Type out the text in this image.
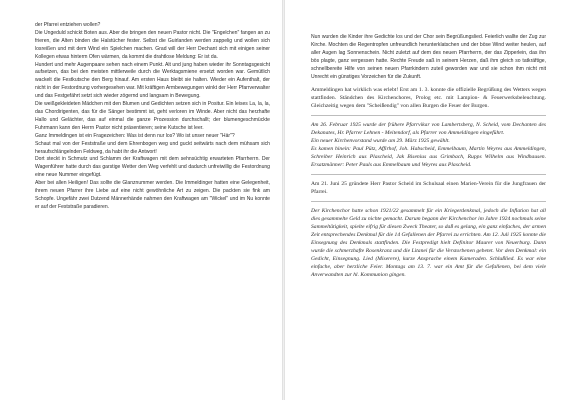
der Pfarrei entziehen wollen?
Die Ungeduld schickt Boten aus. Aber die bringen den neuen Pastor nicht. Die "Engelchen" fangen an zu frieren, die Alten binden die Halstücher fester. Selbst die Guirlanden werden zappelig und wollen sich losreißen und mit dem Wind ein Spielchen machen. Grad will der Herr Dechant sich mit einigen seiner Kollegen etwas hinterm Ofen wärmen, da kommt die drahtlose Meldung: Er ist da.
Hundert und mehr Augenpaare sehen nach einem Punkt. Alt und jung haben wieder ihr Sonntagsgesicht aufsetzen, das bei den meisten mittlerweile durch die Werktagsmiene ersetzt worden war. Gemütlich wackelt die Festkutsche den Berg hinauf. Am ersten Haus bleibt sie halten. Wieder ein Aufenthalt, der nicht in der Festordnung vorhergesehen war. Mit kräftigen Armbewegungen winkt der Herr Pfarrverwalter und das Festgefährt setzt sich wieder zögernd und langsam in Bewegung.
Die weißgekleideten Mädchen mit den Blumen und Gedichten setzen sich in Positur. Ein leises La, la, la, das Chordirigenten, das für die Sänger bestimmt ist, geht verloren im Winde. Aber nicht das herzhafte Hallo und Gelächter, das auf einmal die ganze Prozession durchschallt; der blumengeschmückte Fuhrmann kann den Herrn Pastor nicht präsentieren; seine Kutsche ist leer.
Ganz Immeldingen ist ein Fragezeichen: Was ist denn nur los? Wo ist unser neuer "Här"?
Schaut mal von der Feststraße und dem Ehrenbogen weg und guckt seitwärts nach dem mühsam sich heraufschlängelnden Feldweg, da habt ihr die Antwort!
Dort steckt in Schmutz und Schlamm der Kraftwagen mit dem sehnsüchtig erwarteten Pfarrherrn. Der Wagenführer hatte durch das garstige Wetter den Weg verfehlt und dadurch unfreiwillig die Festordnung eine neue Nummer eingefügt.
Aber bei allen Heiligen! Das sollte die Glanznummer werden. Die Immeldinger hatten eine Gelegenheit, ihrem neuen Pfarrer ihre Liebe auf eine nicht gewöhnliche Art zu zeigen. Die packten sie fink am Schopfe. Ungefähr zwei Dutzend Männerhände nahmen den Kraftwagen am "Wickel" und im Nu konnte er auf der Feststraße paradieren.
Nun wurden die Kinder ihre Gedichte los und der Chor sein Begrüßungslied. Feierlich wallte der Zug zur Kirche. Mochten die Regentropfen unfreundlich herunterklatschen und der böse Wind weiter heulen, auf aller Augen lag Sonnenschein. Nicht zuletzt auf dem des neuen Pfarrherrn, der das Zipperlein, das ihn bös plagte, ganz vergessen hatte. Rechte Freude saß in seinem Herzen, daß ihm gleich so tatkräftige, schnellbereite Hilfe von seinen neuen Pfarrkindern zuteil geworden war und sie schon ihm nicht mit Unrecht ein günstiges Vorzeichen für die Zukunft.
Ammeldingen hat wirklich was erlebt! Erst am 1. 3. konnte die offizielle Begrüßung des Wetters wegen stattfinden. Ständchen des Kirchenchores, Prolog etc. mit Lampion- & Feuerwerksbeleuchtung. Gleichzeitig wegen dem "Scheißendig" von allen Burgen die Feuer der Burgen.
Am 26. Februar 1925 wurde der frühere Pfarrvikar von Lambertsberg, N. Scheid, vom Dechanten des Dekanates, Hr. Pfarrer Lehnen - Meitendorf, als Pfarrer von Ammeldingen eingeführt.
Ein neuer Kirchenvorstand wurde am 29. März 1925 gewählt.
Es kamen hinein: Paul Pütz, Affirhof, Joh. Habscheid, Emmelbaum, Martin Weyres aus Ammeldingen, Schreiber Heinrich aus Plascheid, Jak Bisenius aus Grimbach, Rupps Wilhelm aus Windhausen. Ersatzmänner: Peter Pauls aus Emmelbaum und Weyres aus Plascheid.
Am 21. Juni 25 gründete Herr Pastor Scheid im Schulsaal einen Marien-Verein für die Jungfrauen der Pfarrei.
Der Kirchenchor hatte schon 1921/22 gesammelt für ein Kriegerdenkmal, jedoch die Inflation hat all dies gesammelte Geld zu nichte gemacht. Darum begann der Kirchenchor im Jahre 1924 nochmals seine Sammeltätigkeit, spielte eifrig für diesen Zweck Theater, so daß es gelang, ein ganz einfaches, der armen Zeit entsprechendes Denkmal für die 14 Gefallenen der Pfarrei zu errichten. Am 12. Juli 1925 konnte die Einsegnung des Denkmals stattfinden. Die Festpredigt hielt Definitor Maurer von Neuerburg. Dann wurde die schmerzhafte Rosenkranz und die Litanei für die Verstorbenen gebetet. Vor dem Denkmal: ein Gedicht, Einsegnung. Lied (Miserere), kurze Ansprache einem Kameraden. Schlußlied. Es war eine einfache, aber herzliche Feier. Montags am 13. 7. war ein Amt für die Gefallenen, bei dem viele Anverwandten zur hl. Kommunion gingen.
